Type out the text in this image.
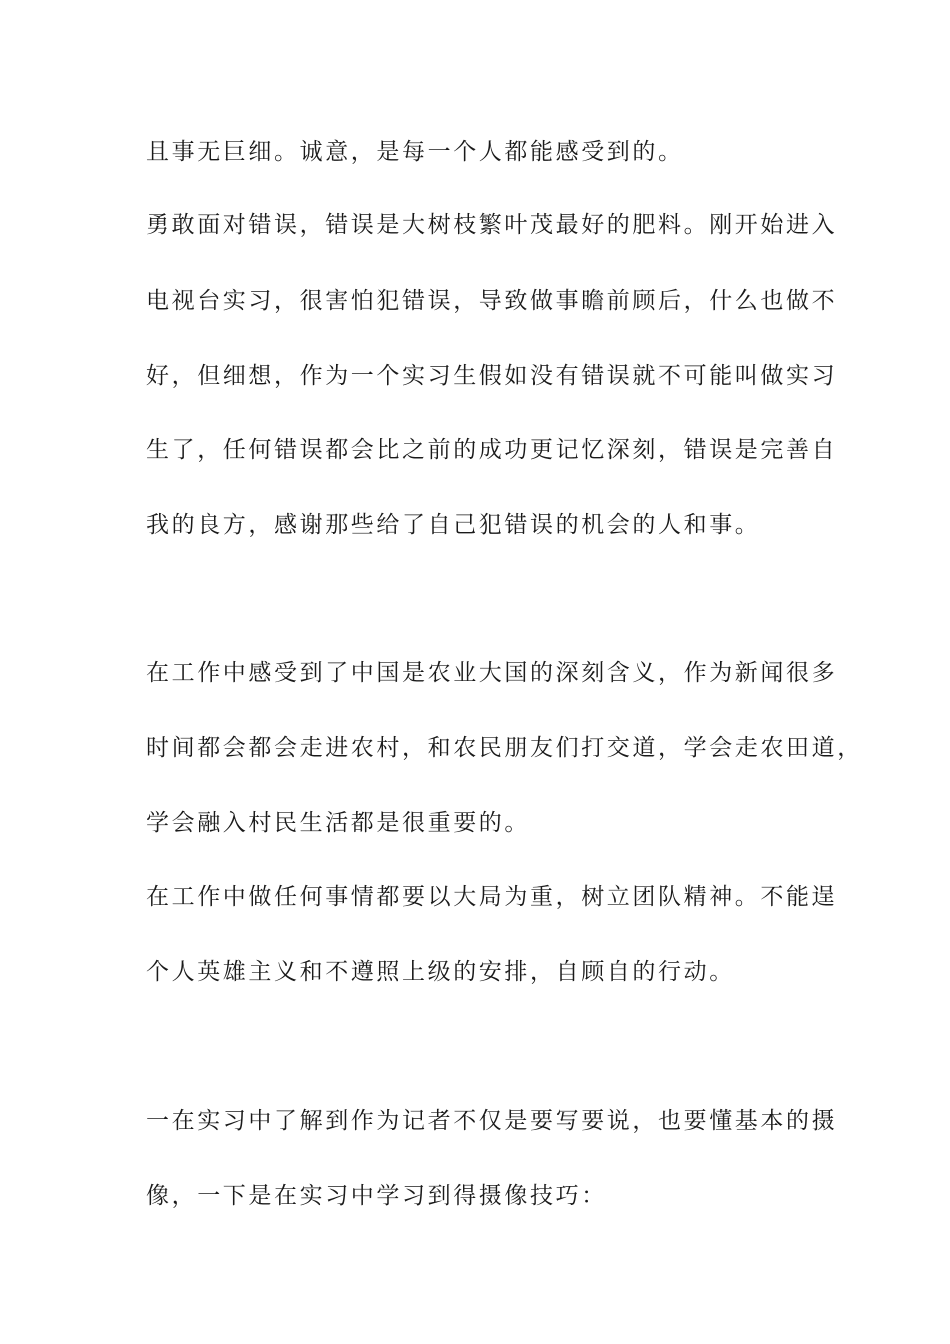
且事无巨细。诚意，是每一个人都能感受到的。

勇敢面对错误，错误是大树枝繁叶茂最好的肥料。刚开始进入

电视台实习，很害怕犯错误，导致做事瞻前顾后，什么也做不

好，但细想，作为一个实习生假如没有错误就不可能叫做实习

生了，任何错误都会比之前的成功更记忆深刻，错误是完善自

我的良方，感谢那些给了自己犯错误的机会的人和事。

在工作中感受到了中国是农业大国的深刻含义，作为新闻很多

时间都会都会走进农村，和农民朋友们打交道，学会走农田道，

学会融入村民生活都是很重要的。

在工作中做任何事情都要以大局为重，树立团队精神。不能逞

个人英雄主义和不遵照上级的安排，自顾自的行动。

一在实习中了解到作为记者不仅是要写要说，也要懂基本的摄

像，一下是在实习中学习到得摄像技巧：
